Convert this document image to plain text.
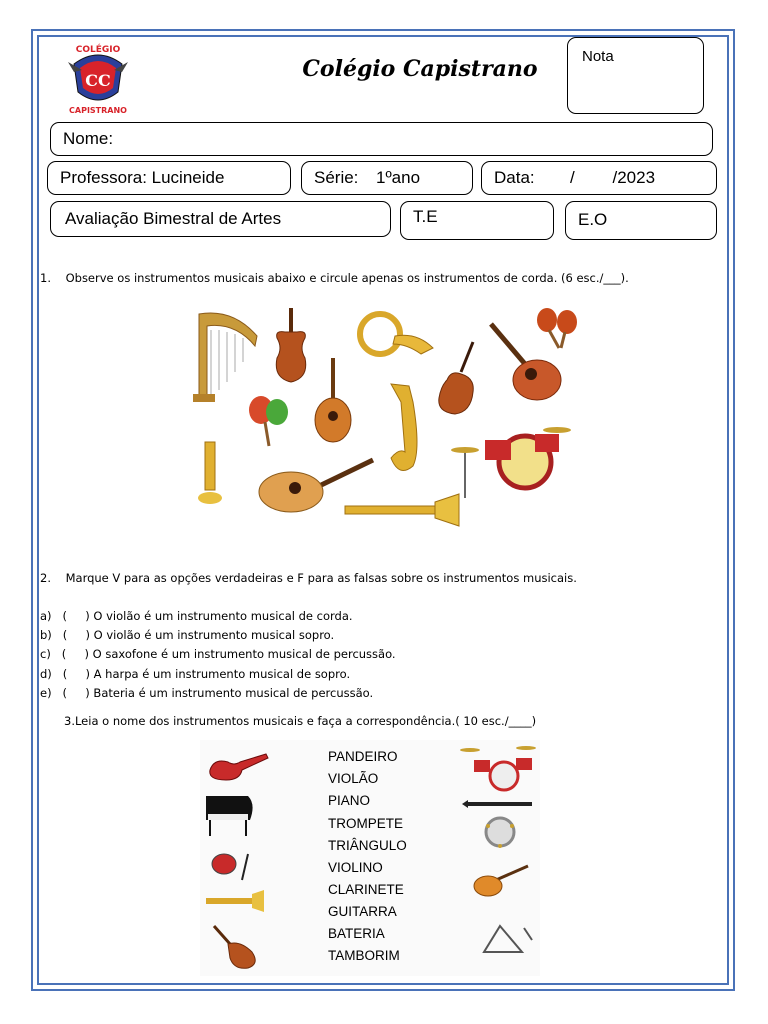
COLÉGIO
CC
CAPISTRANO
Colégio Capistrano	Nota
Nome:
Professora: Lucineide	Série: 1ºano	Data: /        /2023
Avaliação Bimestral de Artes	T.E	E.O
1.    Observe os instrumentos musicais abaixo e circule apenas os instrumentos de corda. (6 esc./___).
2.    Marque V para as opções verdadeiras e F para as falsas sobre os instrumentos musicais.
a)   (     ) O violão é um instrumento musical de corda.
b)   (     ) O violão é um instrumento musical sopro.
c)   (     ) O saxofone é um instrumento musical de percussão.
d)   (     ) A harpa é um instrumento musical de sopro.
e)   (     ) Bateria é um instrumento musical de percussão.
3.Leia o nome dos instrumentos musicais e faça a correspondência.( 10 esc./____)
PANDEIRO
VIOLÃO
PIANO
TROMPETE
TRIÂNGULO
VIOLINO
CLARINETE
GUITARRA
BATERIA
TAMBORIM
